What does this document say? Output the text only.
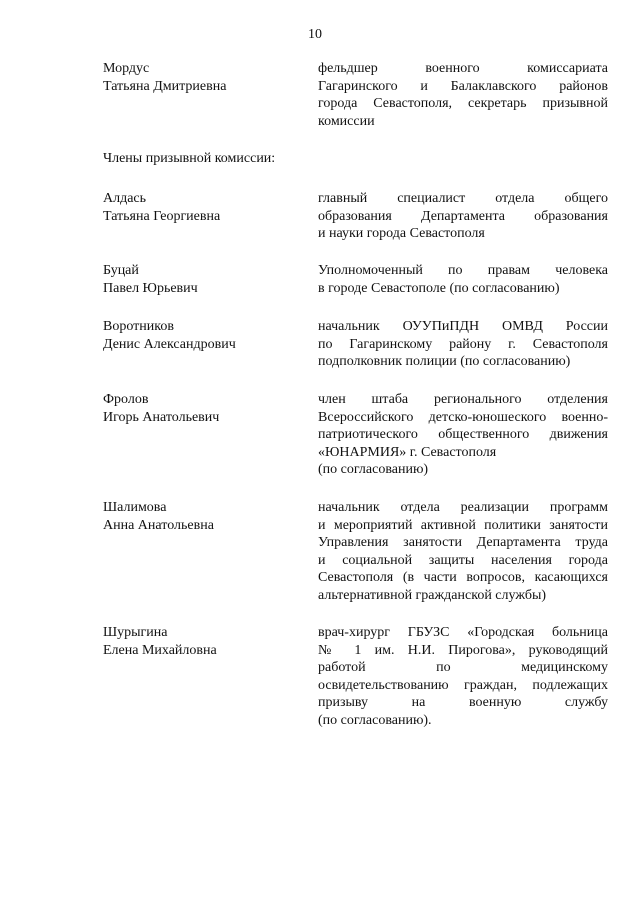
10
Мордус
Татьяна Дмитриевна
фельдшер военного комиссариата
Гагаринского и Балаклавского районов
города Севастополя, секретарь призывной
комиссии
Члены призывной комиссии:
Алдась
Татьяна Георгиевна
главный специалист отдела общего
образования Департамента образования
и науки города Севастополя
Буцай
Павел Юрьевич
Уполномоченный по правам человека
в городе Севастополе (по согласованию)
Воротников
Денис Александрович
начальник ОУУПиПДН ОМВД России
по Гагаринскому району г. Севастополя
подполковник полиции (по согласованию)
Фролов
Игорь Анатольевич
член штаба регионального отделения
Всероссийского детско-юношеского военно-
патриотического общественного движения
«ЮНАРМИЯ» г. Севастополя
(по согласованию)
Шалимова
Анна Анатольевна
начальник отдела реализации программ
и мероприятий активной политики занятости
Управления занятости Департамента труда
и социальной защиты населения города
Севастополя (в части вопросов, касающихся
альтернативной гражданской службы)
Шурыгина
Елена Михайловна
врач-хирург ГБУЗС «Городская больница
№ 1 им. Н.И. Пирогова», руководящий
работой по медицинскому
освидетельствованию граждан, подлежащих
призыву на военную службу
(по согласованию).
